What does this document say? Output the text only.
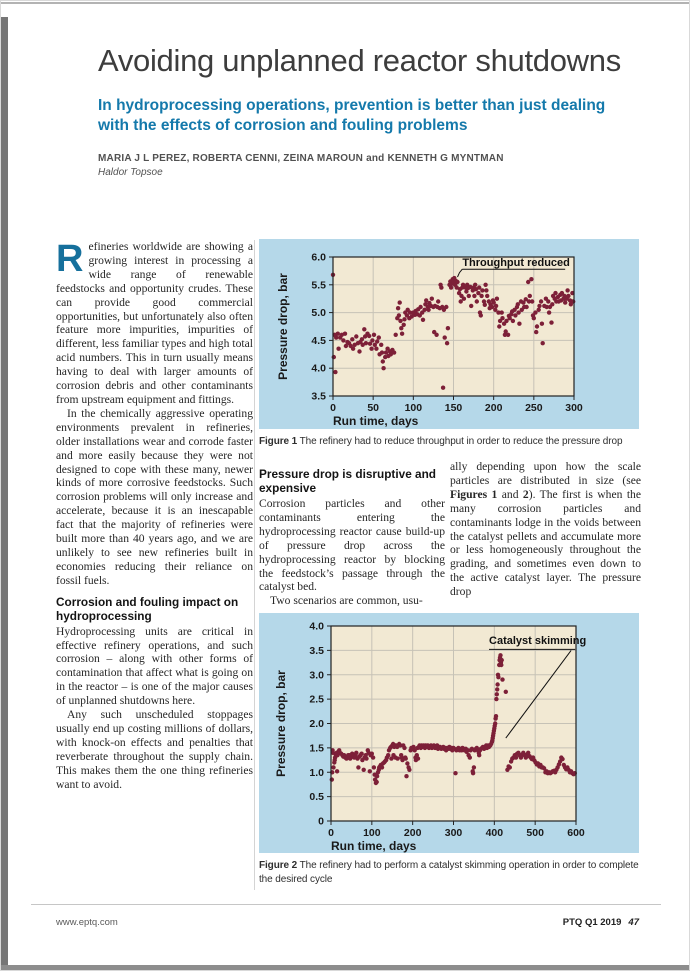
Avoiding unplanned reactor shutdowns
In hydroprocessing operations, prevention is better than just dealing with the effects of corrosion and fouling problems
MARIA J L PEREZ, ROBERTA CENNI, ZEINA MAROUN and KENNETH G MYNTMAN
Haldor Topsoe

Refineries worldwide are showing a growing interest in processing a wide range of renewable feedstocks and opportunity crudes. These can provide good commercial opportunities, but unfortunately also often feature more impurities, impurities of different, less familiar types and high total acid numbers. This in turn usually means having to deal with larger amounts of corrosion debris and other contaminants from upstream equipment and fittings.

In the chemically aggressive operating environments prevalent in refineries, older installations wear and corrode faster and more easily because they were not designed to cope with these many, newer kinds of more corrosive feedstocks. Such corrosion problems will only increase and accelerate, because it is an inescapable fact that the majority of refineries were built more than 40 years ago, and we are unlikely to see new refineries built in economies reducing their reliance on fossil fuels.

Corrosion and fouling impact on hydroprocessing

Hydroprocessing units are critical in effective refinery operations, and such corrosion – along with other forms of contamination that affect what is going on in the reactor – is one of the major causes of unplanned shutdowns here.

Any such unscheduled stoppages usually end up costing millions of dollars, with knock-on effects and penalties that reverberate throughout the supply chain. This makes them the one thing refineries want to avoid.

0	50 100 150 200 250 300
3.5
4.0
4.5
5.0
5.5
6.0
Run time, days
Pressure drop, bar
Throughput reduced
Figure 1 The refinery had to reduce throughput in order to reduce the pressure drop
Pressure drop is disruptive and expensive

Corrosion particles and other contaminants entering the hydroprocessing reactor cause build-up of pressure drop across the hydroprocessing reactor by blocking the feedstock’s passage through the catalyst bed.

Two scenarios are common, usu-

ally depending upon how the scale particles are distributed in size (see Figures 1 and 2). The first is when the many corrosion particles and contaminants lodge in the voids between the catalyst pellets and accumulate more or less homogeneously throughout the grading, and sometimes even down to the active catalyst layer. The pressure drop

0	100 200 300 400 500 600
0
0.5
1.0
1.5
2.0
2.5
3.0
3.5
4.0
Run time, days
Pressure drop, bar
Catalyst skimming
Figure 2 The refinery had to perform a catalyst skimming operation in order to complete the desired cycle
www.eptq.com	PTQ Q1 2019 47
